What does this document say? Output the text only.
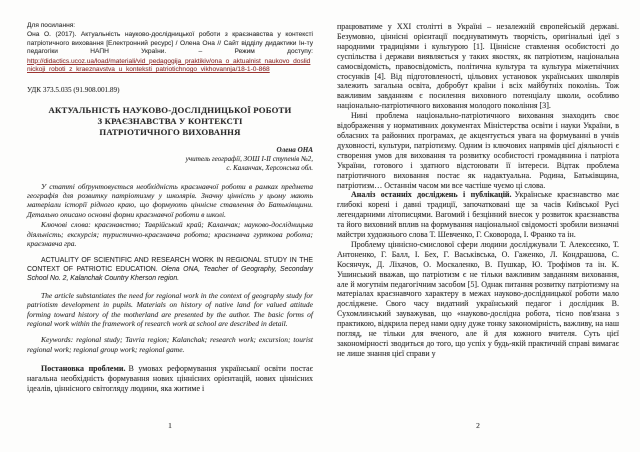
Для посилання:
Она О. (2017). Актуальність науково-дослідницької роботи з краєзнавства у контексті патріотичного виховання [Електронний ресурс] / Олена Она // Сайт відділу дидактики Ін-ту педагогіки НАПН України. – Режим доступу:
http://didactics.ucoz.ua/load/materiali/vid_pedagogija_praktikiv/ona_o_aktualnist_naukovo_doslidnickoji_roboti_z_kraeznavstva_u_konteksti_patriotichnogo_vikhovannja/18-1-0-868
УДК 373.5.035 (91.908.001.89)
АКТУАЛЬНІСТЬ НАУКОВО-ДОСЛІДНИЦЬКОЇ РОБОТИ
З КРАЄЗНАВСТВА У КОНТЕКСТІ
ПАТРІОТИЧНОГО ВИХОВАННЯ
Олена ОНА
учитель географії, ЗОШ І-ІІ ступенів №2,
с. Каланчак, Херсонська обл.

У статті обґрунтовується необхідність краєзнавчої роботи в рамках предмета географія для розвитку патріотизму у школярів. Значну цінність у цьому мають матеріали історії рідного краю, що формують ціннісне ставлення до Батьківщини. Детально описано основні форми краєзнавчої роботи в школі.

Ключові слова: краєзнавство; Таврійський край; Каланчак; науково-дослідницька діяльність; екскурсія; туристично-краєзнавча робота; краєзнавча гурткова робота; краєзнавча гра.

ACTUALITY OF SCIENTIFIC AND RESEARCH WORK IN REGIONAL STUDY IN THE CONTEXT OF PATRIOTIC EDUCATION. Olena ONA, Teacher of Geography, Secondary School No. 2, Kalanchak Country Kherson region.

The article substantiates the need for regional work in the context of geography study for patriotism development in pupils. Materials on history of native land for valued attitude forming toward history of the motherland are presented by the author. The basic forms of regional work within the framework of research work at school are described in detail.

Keywords: regional study; Tavria region; Kalanchak; research work; excursion; tourist regional work; regional group work; regional game.

Постановка проблеми. В умовах реформування української освіти постає нагальна необхідність формування нових ціннісних орієнтацій, нових ціннісних ідеалів, ціннісного світогляду людини, яка житиме і

1

працюватиме у XXI столітті в Україні – незалежній європейській державі. Безумовно, ціннісні орієнтації поєднуватимуть творчість, оригінальні ідеї з народними традиціями і культурою [1]. Ціннісне ставлення особистості до суспільства і держави виявляється у таких якостях, як патріотизм, національна самосвідомість, правосвідомість, політична культура та культура міжетнічних стосунків [4]. Від підготовленості, цільових установок українських школярів залежить загальна освіта, добробут країни і всіх майбутніх поколінь. Тож важливим завданням є посилення виховного потенціалу школи, особливо національно-патріотичного виховання молодого покоління [3].

Нині проблема національно-патріотичного виховання знаходить своє відображення у нормативних документах Міністерства освіти і науки України, в обласних та районних програмах, де акцентується увага на формуванні в учнів духовності, культури, патріотизму. Одним із ключових напрямів цієї діяльності є створення умов для виховання та розвитку особистості громадянина і патріота України, готового і здатного відстоювати її інтереси. Відтак проблема патріотичного виховання постає як надактуальна. Родина, Батьківщина, патріотизм… Останнім часом ми все частіше чуємо ці слова.

Аналіз останніх досліджень і публікацій. Українське краєзнавство має глибокі корені і давні традиції, започатковані ще за часів Київської Русі легендарними літописцями. Вагомий і безцінний внесок у розвиток краєзнавства та його виховний вплив на формування національної свідомості зробили визначні майстри художнього слова Т. Шевченко, Г. Сковорода, І. Франко та ін.

Проблему ціннісно-смислової сфери людини досліджували Т. Алексєєнко, Т. Антоненко, Г. Балл, І. Бех, Г. Васьківська, О. Гаженко, Л. Кондрашова, С. Косянчук, Д. Ліхачов, О. Москаленко, В. Пушкар, Ю. Трофімов та ін. К. Ушинський вважав, що патріотизм є не тільки важливим завданням виховання, але й могутнім педагогічним засобом [5]. Однак питання розвитку патріотизму на матеріалах краєзнавчого характеру в межах науково-дослідницької роботи мало досліджене. Свого часу видатний український педагог і дослідник В. Сухомлинський зауважував, що «науково-дослідна робота, тісно пов'язана з практикою, відкрила перед нами одну дуже тонку закономірність, важливу, на наш погляд, не тільки для вченого, але й для кожного вчителя. Суть цієї закономірності зводиться до того, що успіх у будь-якій практичній справі вимагає не лише знання цієї справи у

2
